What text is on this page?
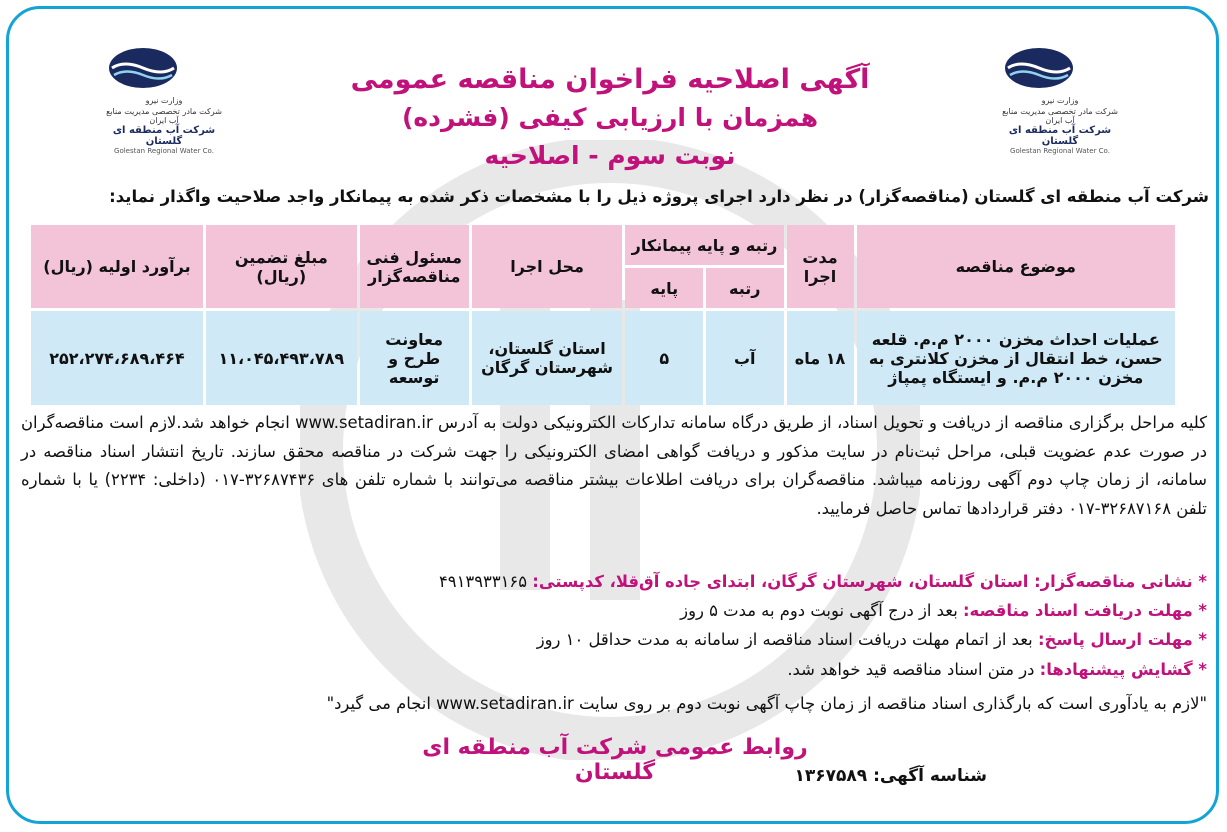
وزارت نیرو
شرکت مادر تخصصی مدیریت منابع آب ایران
شرکت آب منطقه ای گلستان
Golestan Regional Water Co.
وزارت نیرو
شرکت مادر تخصصی مدیریت منابع آب ایران
شرکت آب منطقه ای گلستان
Golestan Regional Water Co.
آگهی اصلاحیه فراخوان مناقصه عمومی
همزمان با ارزیابی کیفی (فشرده)
نوبت سوم - اصلاحیه
شرکت آب منطقه ای گلستان (مناقصه‌گزار) در نظر دارد اجرای پروژه ذیل را با مشخصات ذکر شده به پیمانکار واجد صلاحیت واگذار نماید:
موضوع مناقصه	مدت اجرا	رتبه و پایه پیمانکار		محل اجرا	مسئول فنی مناقصه‌گزار	مبلغ تضمین (ریال)	برآورد اولیه (ریال)
		رتبه	پایه				
عملیات احداث مخزن ۲۰۰۰ م.م. قلعه حسن، خط انتقال از مخزن کلانتری به مخزن ۲۰۰۰ م.م. و ایستگاه پمپاژ	۱۸ ماه	آب	۵	استان گلستان، شهرستان گرگان	معاونت طرح و توسعه	۱۱،۰۴۵،۴۹۳،۷۸۹	۲۵۲،۲۷۴،۶۸۹،۴۶۴

کلیه مراحل برگزاری مناقصه از دریافت و تحویل اسناد، از طریق درگاه سامانه تدارکات الکترونیکی دولت به آدرس www.setadiran.ir انجام خواهد شد.لازم است مناقصه‌گران در صورت عدم عضویت قبلی، مراحل ثبت‌نام در سایت مذکور و دریافت گواهی امضای الکترونیکی را جهت شرکت در مناقصه محقق سازند. تاریخ انتشار اسناد مناقصه در سامانه، از زمان چاپ دوم آگهی روزنامه میباشد. مناقصه‌گران برای دریافت اطلاعات بیشتر مناقصه می‌توانند با شماره تلفن های ۳۲۶۸۷۴۳۶-۰۱۷ (داخلی: ۲۲۳۴) یا با شماره تلفن ۳۲۶۸۷۱۶۸-۰۱۷ دفتر قراردادها تماس حاصل فرمایید.

* نشانی مناقصه‌گزار: استان گلستان، شهرستان گرگان، ابتدای جاده آق‌قلا، کدپستی: ۴۹۱۳۹۳۳۱۶۵
* مهلت دریافت اسناد مناقصه: بعد از درج آگهی نوبت دوم به مدت ۵ روز
* مهلت ارسال پاسخ: بعد از اتمام مهلت دریافت اسناد مناقصه از سامانه به مدت حداقل ۱۰ روز
* گشایش پیشنهادها: در متن اسناد مناقصه قید خواهد شد.
"لازم به یادآوری است که بارگذاری اسناد مناقصه از زمان چاپ آگهی نوبت دوم بر روی سایت www.setadiran.ir انجام می گیرد"
روابط عمومی شرکت آب منطقه ای گلستان	شناسه آگهی: ۱۳۶۷۵۸۹
